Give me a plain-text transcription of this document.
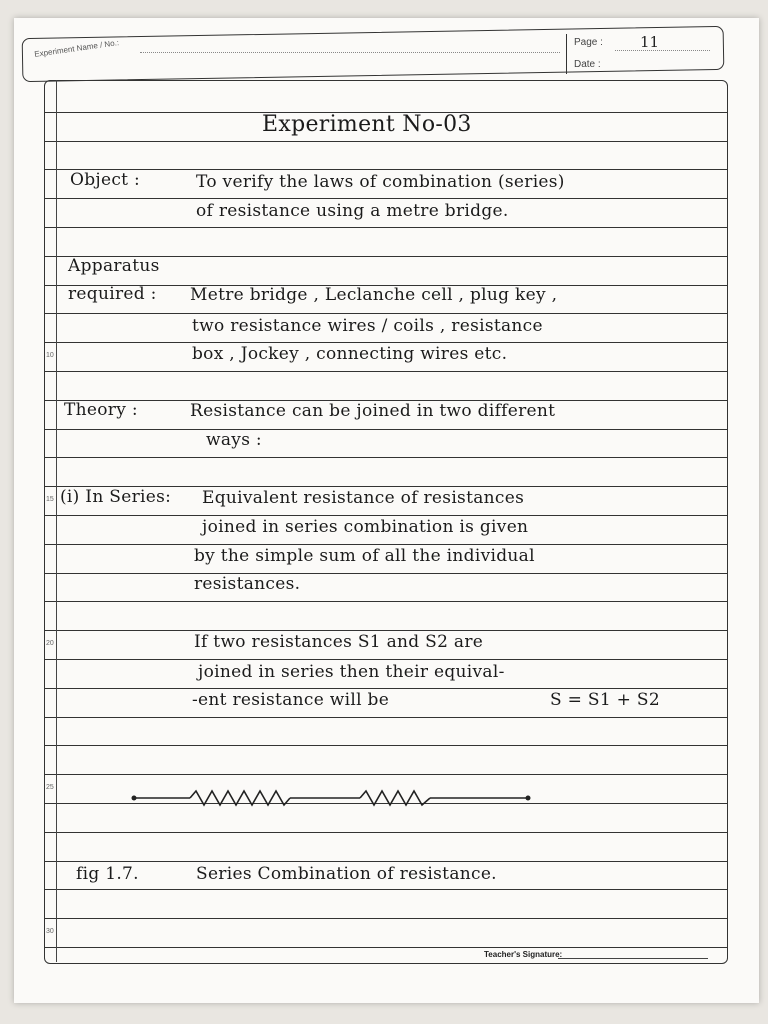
Experiment Name / No.:	Page : 11
Date :
10
15
20
25
30
Experiment No-03
Object :	To verify the laws of combination (series)
of resistance using a metre bridge.
Apparatus
required : Metre bridge , Leclanche cell , plug key ,
two resistance wires / coils , resistance
box , Jockey , connecting wires etc.
Theory :	Resistance can be joined in two different
ways :
(i) In Series: Equivalent resistance of resistances
joined in series combination is given
by the simple sum of all the individual
resistances.
If two resistances S1 and S2 are
joined in series then their equival-
-ent resistance will be	S = S1 + S2
fig 1.7.	Series Combination of resistance.
Teacher's Signature:
